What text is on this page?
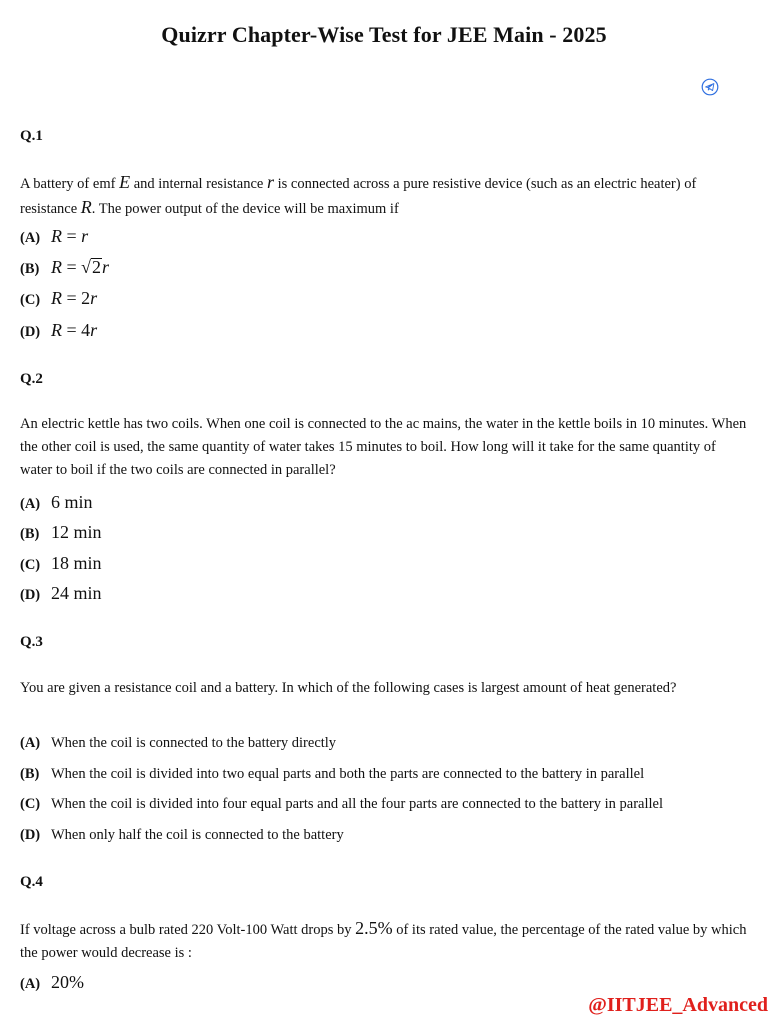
Quizrr Chapter-Wise Test for JEE Main - 2025
Q.1
A battery of emf E and internal resistance r is connected across a pure resistive device (such as an electric heater) of resistance R. The power output of the device will be maximum if
(A) R = r
(B) R = √2r
(C) R = 2r
(D) R = 4r
Q.2
An electric kettle has two coils. When one coil is connected to the ac mains, the water in the kettle boils in 10 minutes. When the other coil is used, the same quantity of water takes 15 minutes to boil. How long will it take for the same quantity of water to boil if the two coils are connected in parallel?
(A) 6 min
(B) 12 min
(C) 18 min
(D) 24 min
Q.3
You are given a resistance coil and a battery. In which of the following cases is largest amount of heat generated?
(A) When the coil is connected to the battery directly
(B) When the coil is divided into two equal parts and both the parts are connected to the battery in parallel
(C) When the coil is divided into four equal parts and all the four parts are connected to the battery in parallel
(D) When only half the coil is connected to the battery
Q.4
If voltage across a bulb rated 220 Volt-100 Watt drops by 2.5% of its rated value, the percentage of the rated value by which the power would decrease is :
(A) 20%
@IITJEE_Advanced
